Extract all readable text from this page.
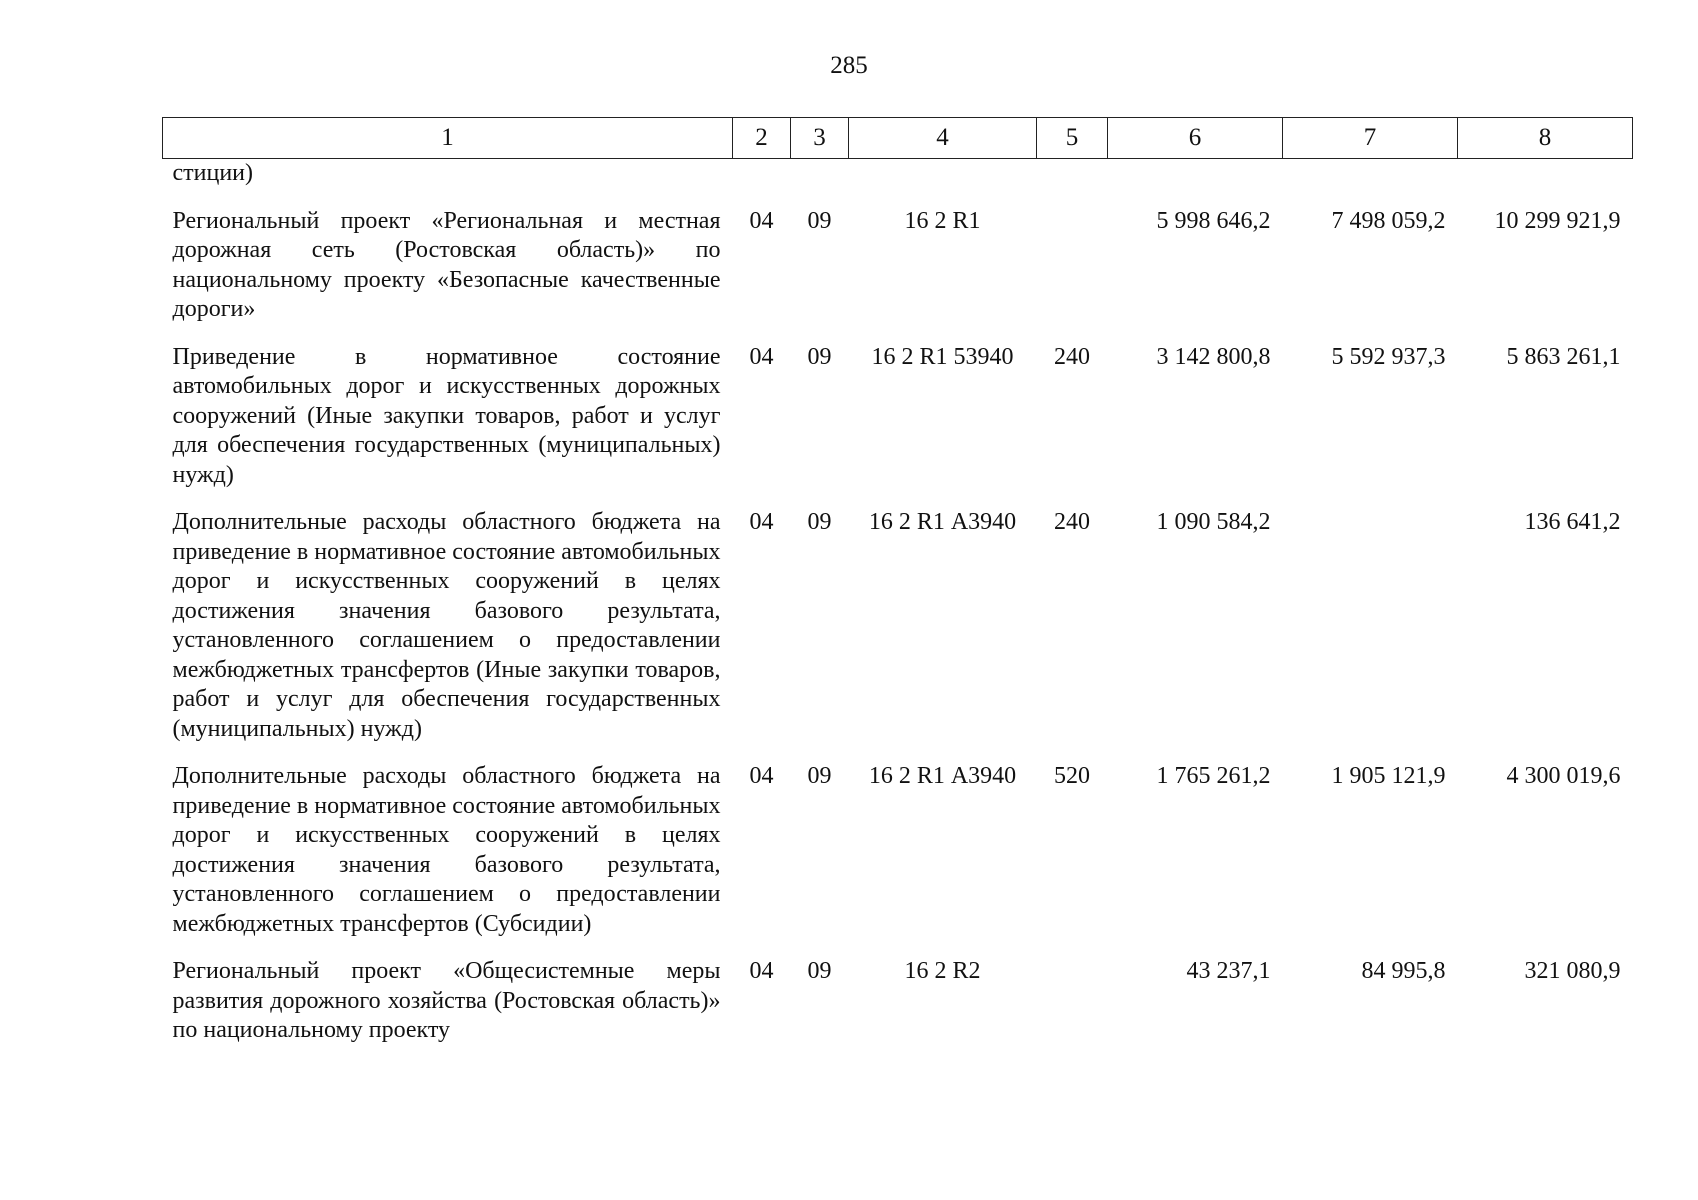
285
1	2	3	4	5	6	7	8
стиции)							
Региональный проект «Региональная и местная дорожная сеть (Ростовская область)» по национальному проекту «Безопасные качественные дороги»	04	09	16 2 R1		5 998 646,2	7 498 059,2	10 299 921,9
Приведение в нормативное состояние автомобильных дорог и искусственных дорожных сооружений (Иные закупки товаров, работ и услуг для обеспечения государственных (муниципальных) нужд)	04	09	16 2 R1 53940	240	3 142 800,8	5 592 937,3	5 863 261,1
Дополнительные расходы областного бюджета на приведение в нормативное состояние автомобильных дорог и искусственных сооружений в целях достижения значения базового результата, установленного соглашением о предоставлении межбюджетных трансфертов (Иные закупки товаров, работ и услуг для обеспечения государственных (муниципальных) нужд)	04	09	16 2 R1 А3940	240	1 090 584,2		136 641,2
Дополнительные расходы областного бюджета на приведение в нормативное состояние автомобильных дорог и искусственных сооружений в целях достижения значения базового результата, установленного соглашением о предоставлении межбюджетных трансфертов (Субсидии)	04	09	16 2 R1 А3940	520	1 765 261,2	1 905 121,9	4 300 019,6
Региональный проект «Общесистемные меры развития дорожного хозяйства (Ростовская область)» по национальному проекту	04	09	16 2 R2		43 237,1	84 995,8	321 080,9
